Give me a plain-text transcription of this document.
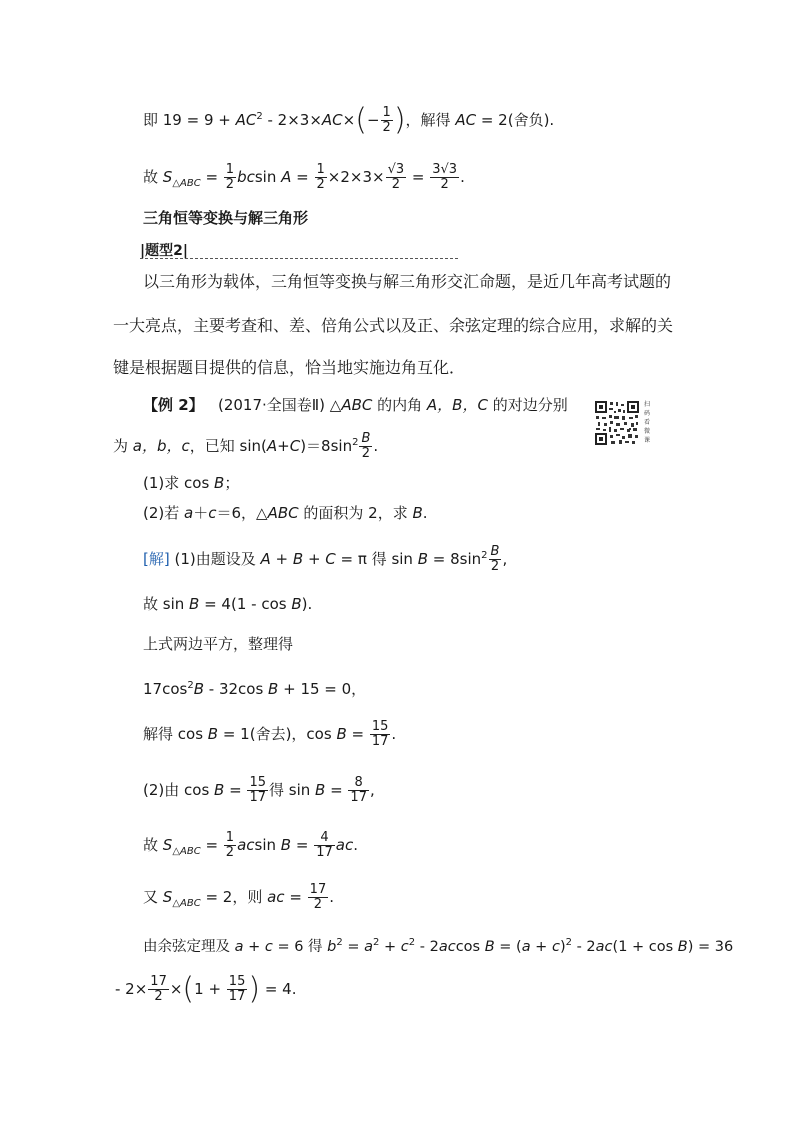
即 $19 = 9 + AC^2 - 2\times 3\times AC\times(- \frac{1}{2}$ )，解得 AC = 2(舍负).
故 $S_{\triangle ABC} = \frac{1}{2}$ bcsin $A = \frac{1}{2} \times 2\times 3\times \frac{√3}{2} = \frac{3√3}{2}$ .
三角恒等变换与解三角形
|题型2|
以三角形为载体，三角恒等变换与解三角形交汇命题，是近几年高考试题的
一大亮点，主要考查和、差、倍角公式以及正、余弦定理的综合应用，求解的关
键是根据题目提供的信息，恰当地实施边角互化．
【例 2】 (2017·全国卷Ⅱ) △ABC 的内角 A，B，C 的对边分别
为 a，b，c，已知 $\sin(A+C)=8\sin^2 \frac{B}{2}$ .
扫码看微课
(1)求 cos B；
(2)若 a＋c＝6，△ABC 的面积为 2，求 B.
[解] (1)由题设及 A + B + C = π 得 $\sin B = 8\sin^2 \frac{B}{2}$ ,
故 sin B = 4(1 - cos B).
上式两边平方，整理得
$17\cos^2B - 32\cos$ B + 15 = 0，
解得 cos B = 1(舍去)，$\cos B = \frac{15}{17}$ .
(2)由 $\cos B = \frac{15}{17}$ 得 $\sin B = \frac{8}{17}$ ,
故 $S_{\triangle ABC} = \frac{1}{2}$ acsin $B = \frac{4}{17}$ ac.
又 $S_{\triangle ABC} = 2$，则 ac = $\frac{17}{2}$ .
由余弦定理及 a + c = 6 得 $b^2 = a^2 + c^2 - 2accos$ $B = (a + c)^2 - 2ac(1 + \cos B) = 36$
- $2\times \frac{17}{2} \times(1 + \frac{15}{17}$ ) = 4.
